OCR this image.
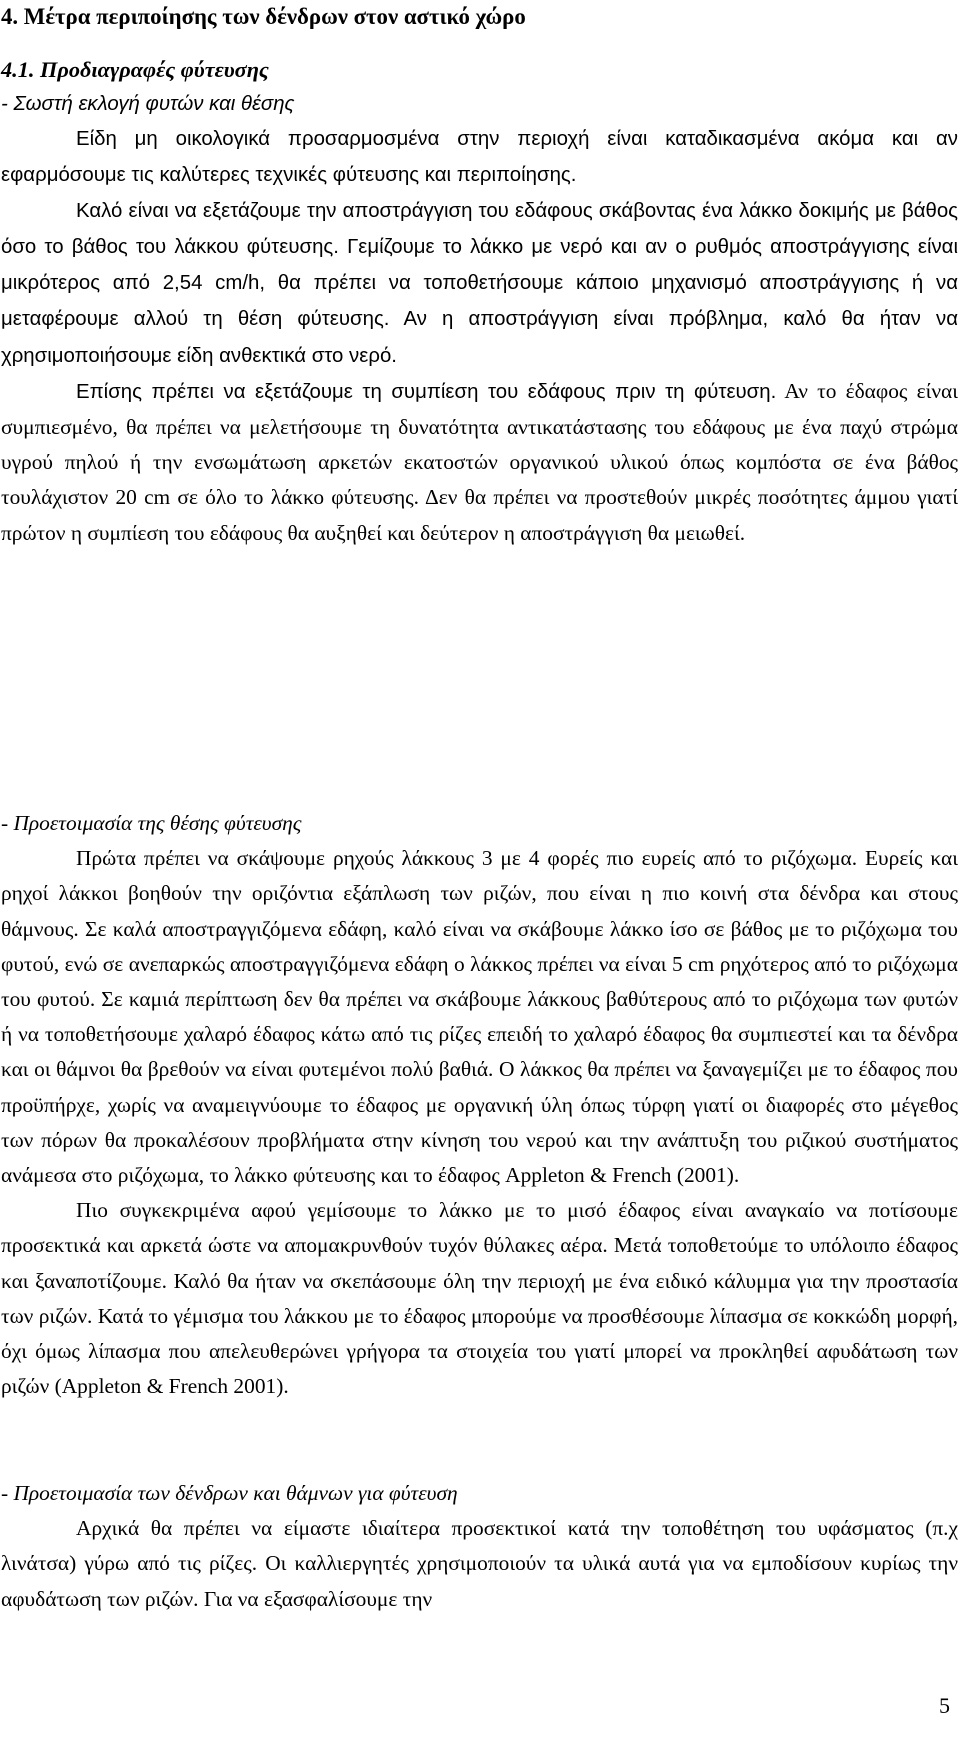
4. Μέτρα περιποίησης των δένδρων στον αστικό χώρο
4.1. Προδιαγραφές φύτευσης
- Σωστή εκλογή φυτών και θέσης
Είδη μη οικολογικά προσαρμοσμένα στην περιοχή είναι καταδικασμένα ακόμα και αν εφαρμόσουμε τις καλύτερες τεχνικές φύτευσης και περιποίησης.
Καλό είναι να εξετάζουμε την αποστράγγιση του εδάφους σκάβοντας ένα λάκκο δοκιμής με βάθος όσο το βάθος του λάκκου φύτευσης. Γεμίζουμε το λάκκο με νερό και αν ο ρυθμός αποστράγγισης είναι μικρότερος από 2,54 cm/h, θα πρέπει να τοποθετήσουμε κάποιο μηχανισμό αποστράγγισης ή να μεταφέρουμε αλλού τη θέση φύτευσης. Αν η αποστράγγιση είναι πρόβλημα, καλό θα ήταν να χρησιμοποιήσουμε είδη ανθεκτικά στο νερό.
Επίσης πρέπει να εξετάζουμε τη συμπίεση του εδάφους πριν τη φύτευση. Αν το έδαφος είναι συμπιεσμένο, θα πρέπει να μελετήσουμε τη δυνατότητα αντικατάστασης του εδάφους με ένα παχύ στρώμα υγρού πηλού ή την ενσωμάτωση αρκετών εκατοστών οργανικού υλικού όπως κομπόστα σε ένα βάθος τουλάχιστον 20 cm σε όλο το λάκκο φύτευσης. Δεν θα πρέπει να προστεθούν μικρές ποσότητες άμμου γιατί πρώτον η συμπίεση του εδάφους θα αυξηθεί και δεύτερον η αποστράγγιση θα μειωθεί.
- Προετοιμασία της θέσης φύτευσης
Πρώτα πρέπει να σκάψουμε ρηχούς λάκκους 3 με 4 φορές πιο ευρείς από το ριζόχωμα. Ευρείς και ρηχοί λάκκοι βοηθούν την οριζόντια εξάπλωση των ριζών, που είναι η πιο κοινή στα δένδρα και στους θάμνους. Σε καλά αποστραγγιζόμενα εδάφη, καλό είναι να σκάβουμε λάκκο ίσο σε βάθος με το ριζόχωμα του φυτού, ενώ σε ανεπαρκώς αποστραγγιζόμενα εδάφη ο λάκκος πρέπει να είναι 5 cm ρηχότερος από το ριζόχωμα του φυτού. Σε καμιά περίπτωση δεν θα πρέπει να σκάβουμε λάκκους βαθύτερους από το ριζόχωμα των φυτών ή να τοποθετήσουμε χαλαρό έδαφος κάτω από τις ρίζες επειδή το χαλαρό έδαφος θα συμπιεστεί και τα δένδρα και οι θάμνοι θα βρεθούν να είναι φυτεμένοι πολύ βαθιά. Ο λάκκος θα πρέπει να ξαναγεμίζει με το έδαφος που προϋπήρχε, χωρίς να αναμειγνύουμε το έδαφος με οργανική ύλη όπως τύρφη γιατί οι διαφορές στο μέγεθος των πόρων θα προκαλέσουν προβλήματα στην κίνηση του νερού και την ανάπτυξη του ριζικού συστήματος ανάμεσα στο ριζόχωμα, το λάκκο φύτευσης και το έδαφος Appleton & French (2001).
Πιο συγκεκριμένα αφού γεμίσουμε το λάκκο με το μισό έδαφος είναι αναγκαίο να ποτίσουμε προσεκτικά και αρκετά ώστε να απομακρυνθούν τυχόν θύλακες αέρα. Μετά τοποθετούμε το υπόλοιπο έδαφος και ξαναποτίζουμε. Καλό θα ήταν να σκεπάσουμε όλη την περιοχή με ένα ειδικό κάλυμμα για την προστασία των ριζών. Κατά το γέμισμα του λάκκου με το έδαφος μπορούμε να προσθέσουμε λίπασμα σε κοκκώδη μορφή, όχι όμως λίπασμα που απελευθερώνει γρήγορα τα στοιχεία του γιατί μπορεί να προκληθεί αφυδάτωση των ριζών (Appleton & French 2001).
- Προετοιμασία των δένδρων και θάμνων για φύτευση
Αρχικά θα πρέπει να είμαστε ιδιαίτερα προσεκτικοί κατά την τοποθέτηση του υφάσματος (π.χ λινάτσα) γύρω από τις ρίζες. Οι καλλιεργητές χρησιμοποιούν τα υλικά αυτά για να εμποδίσουν κυρίως την αφυδάτωση των ριζών. Για να εξασφαλίσουμε την
5
